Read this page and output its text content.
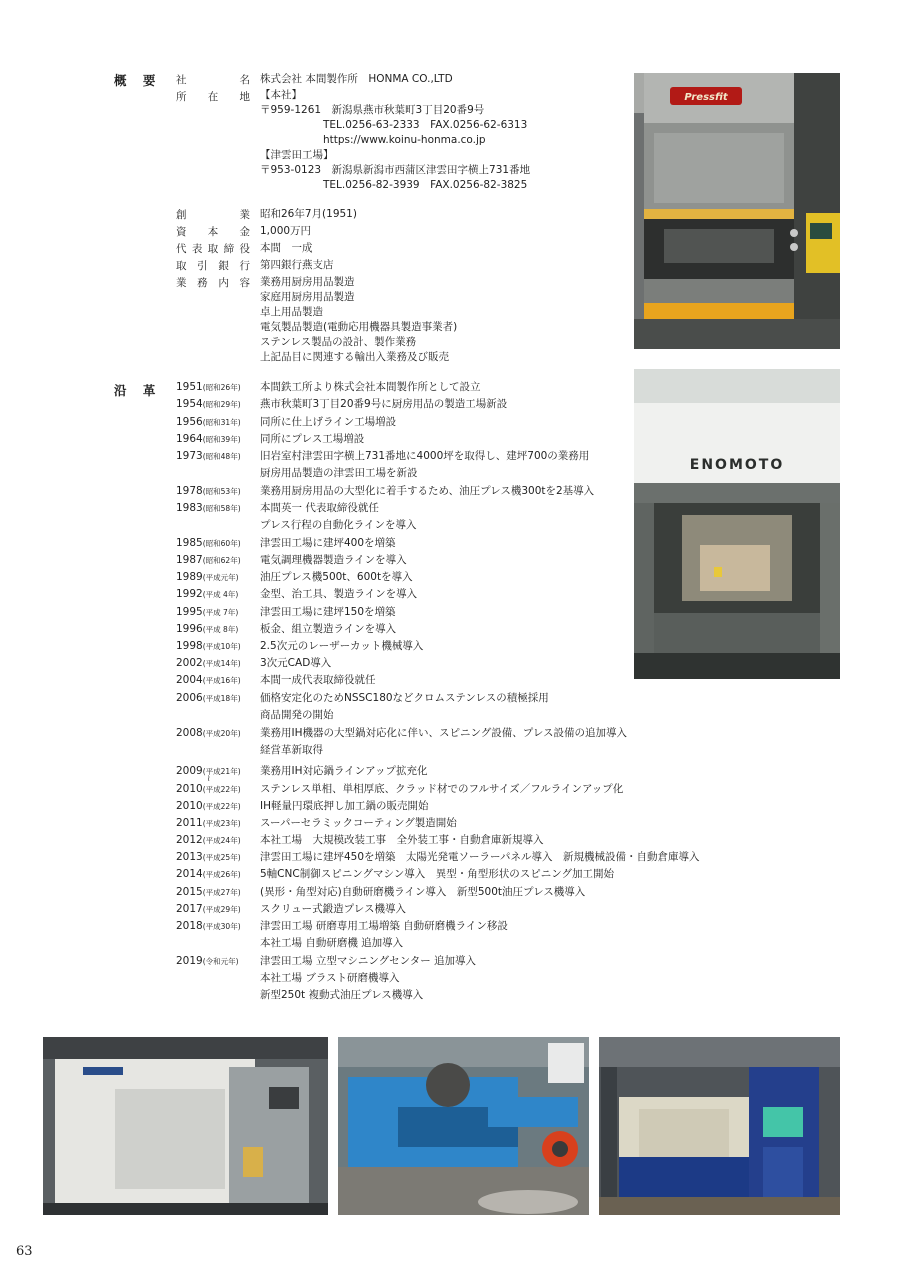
概 要 社	名
所 在 地
創	業
資 本 金
代 表 取 締 役
取 引 銀 行
業 務 内 容
株式会社 本間製作所　HONMA CO.,LTD
【本社】
〒959-1261　新潟県燕市秋葉町3丁目20番9号
　　　　　　TEL.0256-63-2333　FAX.0256-62-6313
　　　　　　https://www.koinu-honma.co.jp
【津雲田工場】
〒953-0123　新潟県新潟市西蒲区津雲田字横上731番地
　　　　　　TEL.0256-82-3939　FAX.0256-82-3825
昭和26年7月(1951)
1,000万円
本間　一成
第四銀行燕支店
業務用厨房用品製造
家庭用厨房用品製造
卓上用品製造
電気製品製造(電動応用機器具製造事業者)
ステンレス製品の設計、製作業務
上記品目に関連する輸出入業務及び販売
沿 革 1951(昭和26年) 本間鉄工所より株式会社本間製作所として設立
1954(昭和29年) 燕市秋葉町3丁目20番9号に厨房用品の製造工場新設
1956(昭和31年) 同所に仕上げライン工場増設
1964(昭和39年) 同所にプレス工場増設
1973(昭和48年) 旧岩室村津雲田字横上731番地に4000坪を取得し、建坪700の業務用
厨房用品製造の津雲田工場を新設
1978(昭和53年) 業務用厨房用品の大型化に着手するため、油圧プレス機300tを2基導入
1983(昭和58年) 本間英一 代表取締役就任
プレス行程の自動化ラインを導入
1985(昭和60年) 津雲田工場に建坪400を増築
1987(昭和62年) 電気調理機器製造ラインを導入
1989(平成元年) 油圧プレス機500t、600tを導入
1992(平成 4年) 金型、治工具、製造ラインを導入
1995(平成 7年) 津雲田工場に建坪150を増築
1996(平成 8年) 板金、組立製造ラインを導入
1998(平成10年) 2.5次元のレーザーカット機械導入
2002(平成14年) 3次元CAD導入
2004(平成16年) 本間一成代表取締役就任
2006(平成18年) 価格安定化のためNSSC180などクロムステンレスの積極採用
商品開発の開始
2008(平成20年) 業務用IH機器の大型鍋対応化に伴い、スピニング設備、プレス設備の追加導入
経営革新取得
2009(平成21年) 業務用IH対応鍋ラインアップ拡充化
2010(平成22年) ステンレス単相、単相厚底、クラッド材でのフルサイズ／フルラインアップ化
2010(平成22年) IH軽量円環底押し加工鍋の販売開始
2011(平成23年) スーパーセラミックコーティング製造開始
2012(平成24年) 本社工場　大規模改装工事　全外装工事・自動倉庫新規導入
2013(平成25年) 津雲田工場に建坪450を増築　太陽光発電ソーラーパネル導入　新規機械設備・自動倉庫導入
2014(平成26年) 5軸CNC制御スピニングマシン導入　異型・角型形状のスピニング加工開始
2015(平成27年) (異形・角型対応)自動研磨機ライン導入　新型500t油圧プレス機導入
2017(平成29年) スクリュー式鍛造プレス機導入
2018(平成30年) 津雲田工場 研磨専用工場増築 自動研磨機ライン移設
本社工場 自動研磨機 追加導入
2019(令和元年) 津雲田工場 立型マシニングセンター 追加導入
本社工場 ブラスト研磨機導入
新型250t 複動式油圧プレス機導入
≀
Pressfit
ENOMOTO
63
